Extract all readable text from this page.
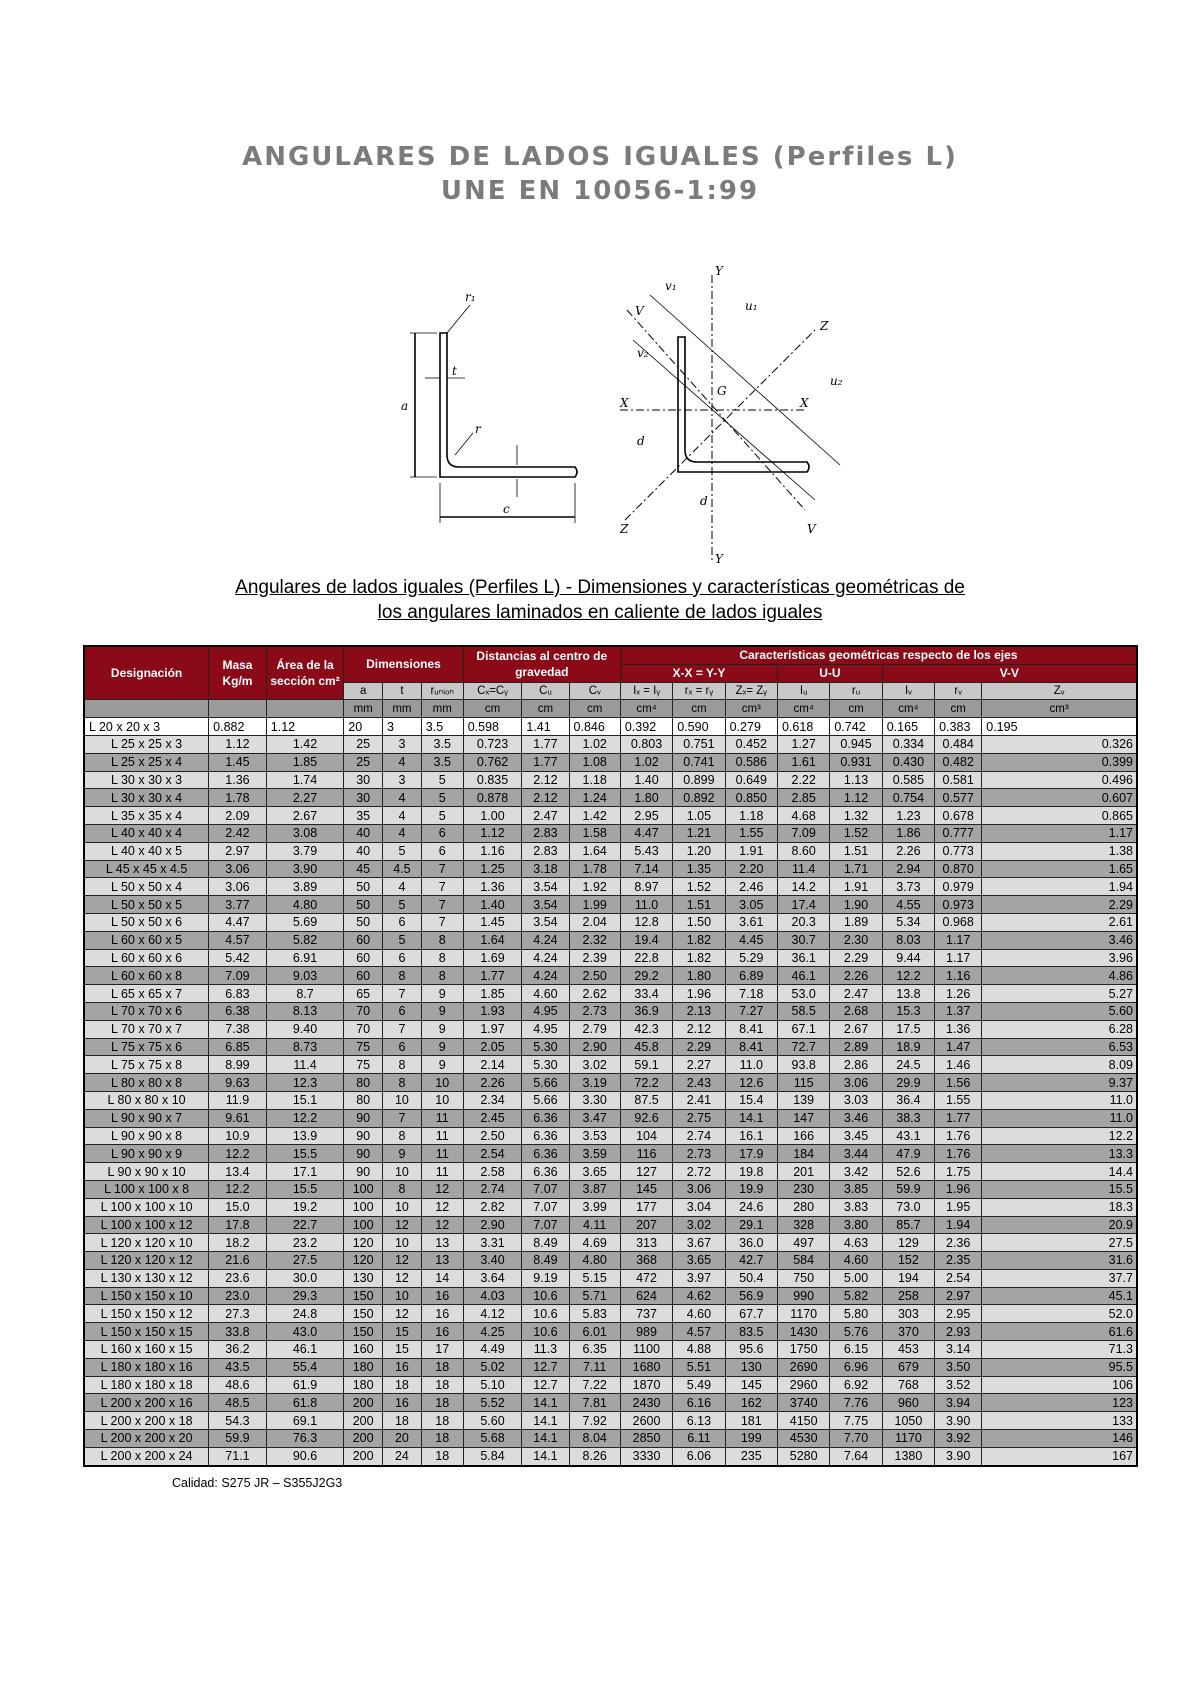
ANGULARES DE LADOS IGUALES (Perfiles L)
UNE EN 10056-1:99
r₁
t
r
a
c
Y
Y
V
V
Z
Z
X	X
G
v₁
v₂
u₁
u₂
d
d
Angulares de lados iguales (Perfiles L) - Dimensiones y características geométricas de
los angulares laminados en caliente de lados iguales
Designación	Masa Kg/m	Área de la sección cm²	Dimensiones			Distancias al centro de gravedad			Características geométricas respecto de los ejes							
									X-X = Y-Y			U-U		V-V		
			a	t	rᵤₙᵢₒₙ	Cₓ=Cᵧ	Cᵤ	Cᵥ	Iₓ = Iᵧ	rₓ = rᵧ	Zₓ= Zᵧ	Iᵤ	rᵤ	Iᵥ	rᵥ	Zᵥ
			mm	mm	mm	cm	cm	cm	cm⁴	cm	cm³	cm⁴	cm	cm⁴	cm	cm³
L 20 x 20 x 3	0.882	1.12	20	3	3.5	0.598	1.41	0.846	0.392	0.590	0.279	0.618	0.742	0.165	0.383	0.195
L 25 x 25 x 3	1.12	1.42	25	3	3.5	0.723	1.77	1.02	0.803	0.751	0.452	1.27	0.945	0.334	0.484	0.326
L 25 x 25 x 4	1.45	1.85	25	4	3.5	0.762	1.77	1.08	1.02	0.741	0.586	1.61	0.931	0.430	0.482	0.399
L 30 x 30 x 3	1.36	1.74	30	3	5	0.835	2.12	1.18	1.40	0.899	0.649	2.22	1.13	0.585	0.581	0.496
L 30 x 30 x 4	1.78	2.27	30	4	5	0.878	2.12	1.24	1.80	0.892	0.850	2.85	1.12	0.754	0.577	0.607
L 35 x 35 x 4	2.09	2.67	35	4	5	1.00	2.47	1.42	2.95	1.05	1.18	4.68	1.32	1.23	0.678	0.865
L 40 x 40 x 4	2.42	3.08	40	4	6	1.12	2.83	1.58	4.47	1.21	1.55	7.09	1.52	1.86	0.777	1.17
L 40 x 40 x 5	2.97	3.79	40	5	6	1.16	2.83	1.64	5.43	1.20	1.91	8.60	1.51	2.26	0.773	1.38
L 45 x 45 x 4.5	3.06	3.90	45	4.5	7	1.25	3.18	1.78	7.14	1.35	2.20	11.4	1.71	2.94	0.870	1.65
L 50 x 50 x 4	3.06	3.89	50	4	7	1.36	3.54	1.92	8.97	1.52	2.46	14.2	1.91	3.73	0.979	1.94
L 50 x 50 x 5	3.77	4.80	50	5	7	1.40	3.54	1.99	11.0	1.51	3.05	17.4	1.90	4.55	0.973	2.29
L 50 x 50 x 6	4.47	5.69	50	6	7	1.45	3.54	2.04	12.8	1.50	3.61	20.3	1.89	5.34	0.968	2.61
L 60 x 60 x 5	4.57	5.82	60	5	8	1.64	4.24	2.32	19.4	1.82	4.45	30.7	2.30	8.03	1.17	3.46
L 60 x 60 x 6	5.42	6.91	60	6	8	1.69	4.24	2.39	22.8	1.82	5.29	36.1	2.29	9.44	1.17	3.96
L 60 x 60 x 8	7.09	9.03	60	8	8	1.77	4.24	2.50	29.2	1.80	6.89	46.1	2.26	12.2	1.16	4.86
L 65 x 65 x 7	6.83	8.7	65	7	9	1.85	4.60	2.62	33.4	1.96	7.18	53.0	2.47	13.8	1.26	5.27
L 70 x 70 x 6	6.38	8.13	70	6	9	1.93	4.95	2.73	36.9	2.13	7.27	58.5	2.68	15.3	1.37	5.60
L 70 x 70 x 7	7.38	9.40	70	7	9	1.97	4.95	2.79	42.3	2.12	8.41	67.1	2.67	17.5	1.36	6.28
L 75 x 75 x 6	6.85	8.73	75	6	9	2.05	5.30	2.90	45.8	2.29	8.41	72.7	2.89	18.9	1.47	6.53
L 75 x 75 x 8	8.99	11.4	75	8	9	2.14	5.30	3.02	59.1	2.27	11.0	93.8	2.86	24.5	1.46	8.09
L 80 x 80 x 8	9.63	12.3	80	8	10	2.26	5.66	3.19	72.2	2.43	12.6	115	3.06	29.9	1.56	9.37
L 80 x 80 x 10	11.9	15.1	80	10	10	2.34	5.66	3.30	87.5	2.41	15.4	139	3.03	36.4	1.55	11.0
L 90 x 90 x 7	9.61	12.2	90	7	11	2.45	6.36	3.47	92.6	2.75	14.1	147	3.46	38.3	1.77	11.0
L 90 x 90 x 8	10.9	13.9	90	8	11	2.50	6.36	3.53	104	2.74	16.1	166	3.45	43.1	1.76	12.2
L 90 x 90 x 9	12.2	15.5	90	9	11	2.54	6.36	3.59	116	2.73	17.9	184	3.44	47.9	1.76	13.3
L 90 x 90 x 10	13.4	17.1	90	10	11	2.58	6.36	3.65	127	2.72	19.8	201	3.42	52.6	1.75	14.4
L 100 x 100 x 8	12.2	15.5	100	8	12	2.74	7.07	3.87	145	3.06	19.9	230	3.85	59.9	1.96	15.5
L 100 x 100 x 10	15.0	19.2	100	10	12	2.82	7.07	3.99	177	3.04	24.6	280	3.83	73.0	1.95	18.3
L 100 x 100 x 12	17.8	22.7	100	12	12	2.90	7.07	4.11	207	3.02	29.1	328	3.80	85.7	1.94	20.9
L 120 x 120 x 10	18.2	23.2	120	10	13	3.31	8.49	4.69	313	3.67	36.0	497	4.63	129	2.36	27.5
L 120 x 120 x 12	21.6	27.5	120	12	13	3.40	8.49	4.80	368	3.65	42.7	584	4.60	152	2.35	31.6
L 130 x 130 x 12	23.6	30.0	130	12	14	3.64	9.19	5.15	472	3.97	50.4	750	5.00	194	2.54	37.7
L 150 x 150 x 10	23.0	29.3	150	10	16	4.03	10.6	5.71	624	4.62	56.9	990	5.82	258	2.97	45.1
L 150 x 150 x 12	27.3	24.8	150	12	16	4.12	10.6	5.83	737	4.60	67.7	1170	5.80	303	2.95	52.0
L 150 x 150 x 15	33.8	43.0	150	15	16	4.25	10.6	6.01	989	4.57	83.5	1430	5.76	370	2.93	61.6
L 160 x 160 x 15	36.2	46.1	160	15	17	4.49	11.3	6.35	1100	4.88	95.6	1750	6.15	453	3.14	71.3
L 180 x 180 x 16	43.5	55.4	180	16	18	5.02	12.7	7.11	1680	5.51	130	2690	6.96	679	3.50	95.5
L 180 x 180 x 18	48.6	61.9	180	18	18	5.10	12.7	7.22	1870	5.49	145	2960	6.92	768	3.52	106
L 200 x 200 x 16	48.5	61.8	200	16	18	5.52	14.1	7.81	2430	6.16	162	3740	7.76	960	3.94	123
L 200 x 200 x 18	54.3	69.1	200	18	18	5.60	14.1	7.92	2600	6.13	181	4150	7.75	1050	3.90	133
L 200 x 200 x 20	59.9	76.3	200	20	18	5.68	14.1	8.04	2850	6.11	199	4530	7.70	1170	3.92	146
L 200 x 200 x 24	71.1	90.6	200	24	18	5.84	14.1	8.26	3330	6.06	235	5280	7.64	1380	3.90	167
Calidad: S275 JR – S355J2G3
